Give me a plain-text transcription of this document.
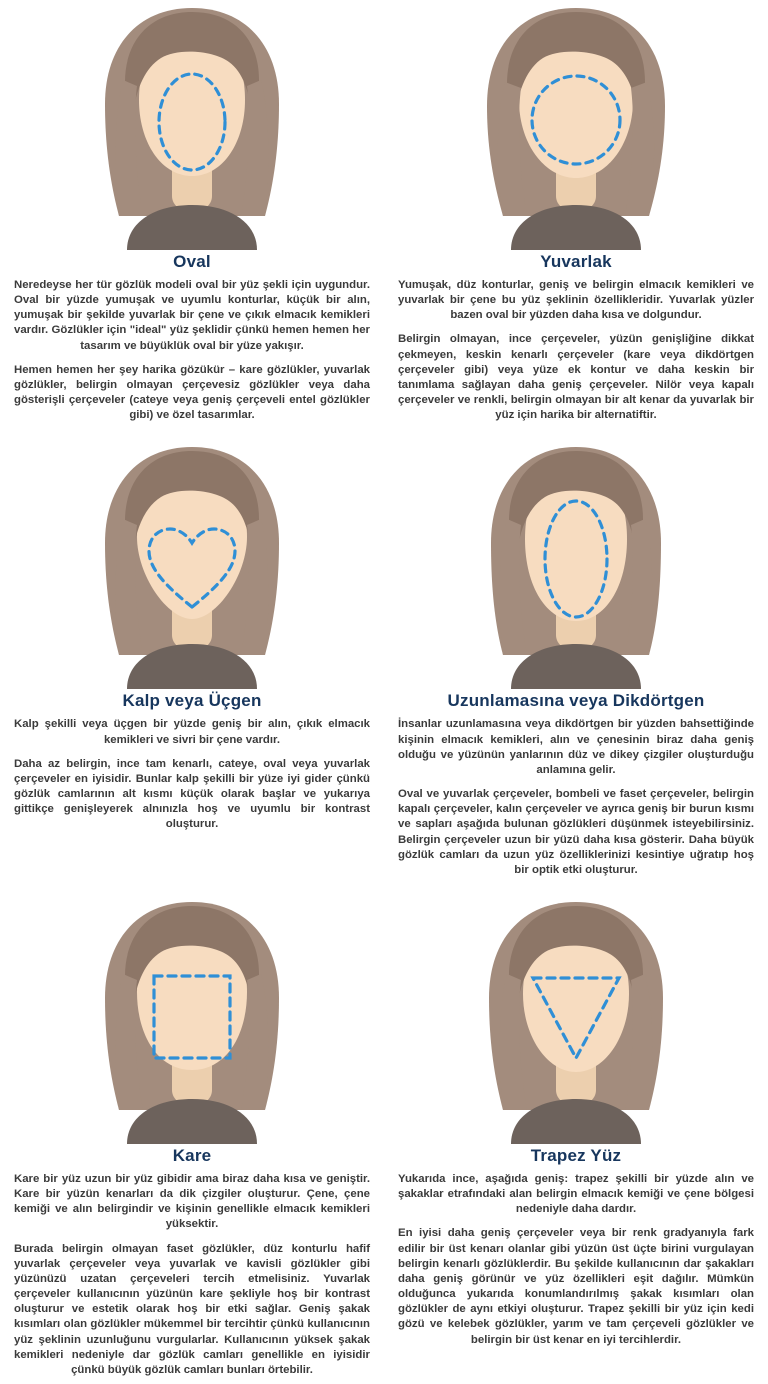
Oval

Neredeyse her tür gözlük modeli oval bir yüz şekli için uygundur. Oval bir yüzde yumuşak ve uyumlu konturlar, küçük bir alın, yumuşak bir şekilde yuvarlak bir çene ve çıkık elmacık kemikleri vardır. Gözlükler için "ideal" yüz şeklidir çünkü hemen hemen her tasarım ve büyüklük oval bir yüze yakışır.

Hemen hemen her şey harika gözükür – kare gözlükler, yuvarlak gözlükler, belirgin olmayan çerçevesiz gözlükler veya daha gösterişli çerçeveler (cateye veya geniş çerçeveli entel gözlükler gibi) ve özel tasarımlar.

Yuvarlak

Yumuşak, düz konturlar, geniş ve belirgin elmacık kemikleri ve yuvarlak bir çene bu yüz şeklinin özellikleridir. Yuvarlak yüzler bazen oval bir yüzden daha kısa ve dolgundur.

Belirgin olmayan, ince çerçeveler, yüzün genişliğine dikkat çekmeyen, keskin kenarlı çerçeveler (kare veya dikdörtgen çerçeveler gibi) veya yüze ek kontur ve daha keskin bir tanımlama sağlayan daha geniş çerçeveler. Nilör veya kapalı çerçeveler ve renkli, belirgin olmayan bir alt kenar da yuvarlak bir yüz için harika bir alternatiftir.

Kalp veya Üçgen

Kalp şekilli veya üçgen bir yüzde geniş bir alın, çıkık elmacık kemikleri ve sivri bir çene vardır.

Daha az belirgin, ince tam kenarlı, cateye, oval veya yuvarlak çerçeveler en iyisidir. Bunlar kalp şekilli bir yüze iyi gider çünkü gözlük camlarının alt kısmı küçük olarak başlar ve yukarıya gittikçe genişleyerek alnınızla hoş ve uyumlu bir kontrast oluşturur.

Uzunlamasına veya Dikdörtgen

İnsanlar uzunlamasına veya dikdörtgen bir yüzden bahsettiğinde kişinin elmacık kemikleri, alın ve çenesinin biraz daha geniş olduğu ve yüzünün yanlarının düz ve dikey çizgiler oluşturduğu anlamına gelir.

Oval ve yuvarlak çerçeveler, bombeli ve faset çerçeveler, belirgin kapalı çerçeveler, kalın çerçeveler ve ayrıca geniş bir burun kısmı ve sapları aşağıda bulunan gözlükleri düşünmek isteyebilirsiniz. Belirgin çerçeveler uzun bir yüzü daha kısa gösterir. Daha büyük gözlük camları da uzun yüz özelliklerinizi kesintiye uğratıp hoş bir optik etki oluşturur.

Kare

Kare bir yüz uzun bir yüz gibidir ama biraz daha kısa ve geniştir. Kare bir yüzün kenarları da dik çizgiler oluşturur. Çene, çene kemiği ve alın belirgindir ve kişinin genellikle elmacık kemikleri yüksektir.

Burada belirgin olmayan faset gözlükler, düz konturlu hafif yuvarlak çerçeveler veya yuvarlak ve kavisli gözlükler gibi yüzünüzü uzatan çerçeveleri tercih etmelisiniz. Yuvarlak çerçeveler kullanıcının yüzünün kare şekliyle hoş bir kontrast oluşturur ve estetik olarak hoş bir etki sağlar. Geniş şakak kısımları olan gözlükler mükemmel bir tercihtir çünkü kullanıcının yüz şeklinin uzunluğunu vurgularlar. Kullanıcının yüksek şakak kemikleri nedeniyle dar gözlük camları genellikle en iyisidir çünkü büyük gözlük camları bunları örtebilir.

Trapez Yüz

Yukarıda ince, aşağıda geniş: trapez şekilli bir yüzde alın ve şakaklar etrafındaki alan belirgin elmacık kemiği ve çene bölgesi nedeniyle daha dardır.

En iyisi daha geniş çerçeveler veya bir renk gradyanıyla fark edilir bir üst kenarı olanlar gibi yüzün üst üçte birini vurgulayan belirgin kenarlı gözlüklerdir. Bu şekilde kullanıcının dar şakakları daha geniş görünür ve yüz özellikleri eşit dağılır. Mümkün olduğunca yukarıda konumlandırılmış şakak kısımları olan gözlükler de aynı etkiyi oluşturur. Trapez şekilli bir yüz için kedi gözü ve kelebek gözlükler, yarım ve tam çerçeveli gözlükler ve belirgin bir üst kenar en iyi tercihlerdir.
